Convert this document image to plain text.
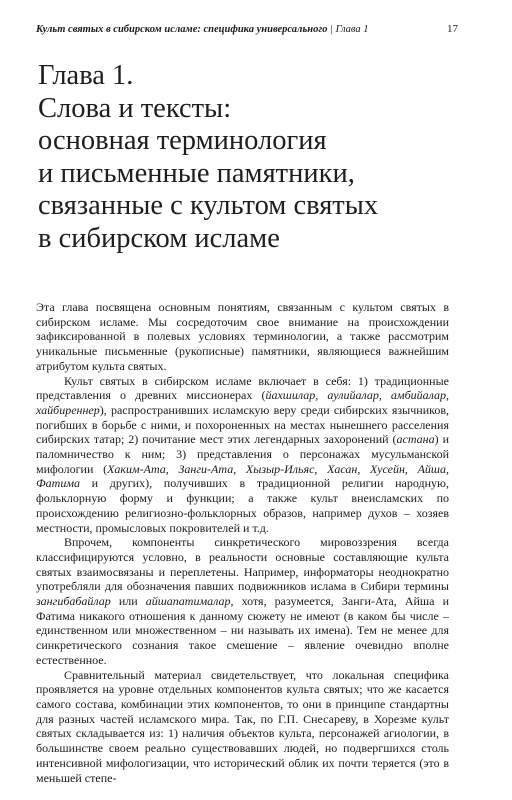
Культ святых в сибирском исламе: специфика универсального | Глава 1	17
Глава 1.
Слова и тексты:
основная терминология
и письменные памятники,
связанные с культом святых
в сибирском исламе

Эта глава посвящена основным понятиям, связанным с культом святых в сибирском исламе. Мы сосредоточим свое внимание на происхождении зафиксированной в полевых условиях терминологии, а также рассмотрим уникальные письменные (рукописные) памятники, являющиеся важнейшим атрибутом культа святых.

Культ святых в сибирском исламе включает в себя: 1) традиционные представления о древних миссионерах (йахшилар, аулийалар, амбийалар, хайбиреннер), распространивших исламскую веру среди сибирских язычников, погибших в борьбе с ними, и похороненных на местах нынешнего расселения сибирских татар; 2) почитание мест этих легендарных захоронений (астана) и паломничество к ним; 3) представления о персонажах мусульманской мифологии (Хаким-Ата, Занги-Ата, Хызыр-Ильяс, Хасан, Хусейн, Айша, Фатима и других), получивших в традиционной религии народную, фольклорную форму и функции; а также культ внеисламских по происхождению религиозно-фольклорных образов, например духов – хозяев местности, промысловых покровителей и т.д.

Впрочем, компоненты синкретического мировоззрения всегда классифицируются условно, в реальности основные составляющие культа святых взаимосвязаны и переплетены. Например, информаторы неоднократно употребляли для обозначения павших подвижников ислама в Сибири термины зангибабайлар или айшапатималар, хотя, разумеется, Занги-Ата, Айша и Фатима никакого отношения к данному сюжету не имеют (в каком бы числе – единственном или множественном – ни называть их имена). Тем не менее для синкретического сознания такое смешение – явление очевидно вполне естественное.

Сравнительный материал свидетельствует, что локальная специфика проявляется на уровне отдельных компонентов культа святых; что же касается самого состава, комбинации этих компонентов, то они в принципе стандартны для разных частей исламского мира. Так, по Г.П. Снесареву, в Хорезме культ святых складывается из: 1) наличия объектов культа, персонажей агиологии, в большинстве своем реально существовавших людей, но подвергшихся столь интенсивной мифологизации, что исторический облик их почти теряется (это в меньшей степе-
